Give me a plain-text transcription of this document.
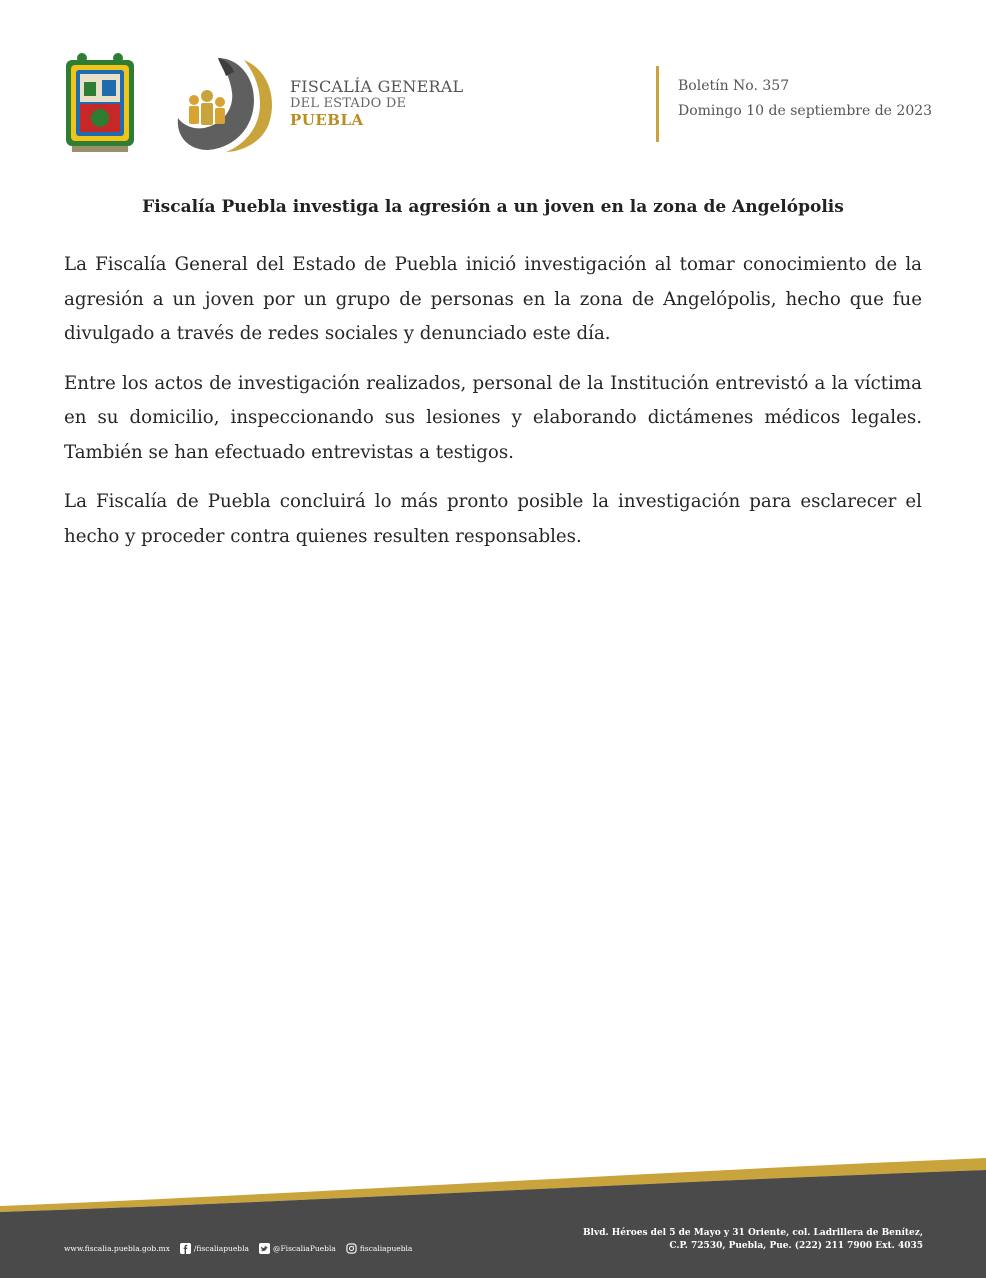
FISCALÍA GENERAL
DEL ESTADO DE
PUEBLA
Boletín No. 357
Domingo 10 de septiembre de 2023
Fiscalía Puebla investiga la agresión a un joven en la zona de Angelópolis

La Fiscalía General del Estado de Puebla inició investigación al tomar conocimiento de la agresión a un joven por un grupo de personas en la zona de Angelópolis, hecho que fue divulgado a través de redes sociales y denunciado este día.

Entre los actos de investigación realizados, personal de la Institución entrevistó a la víctima en su domicilio, inspeccionando sus lesiones y elaborando dictámenes médicos legales. También se han efectuado entrevistas a testigos.

La Fiscalía de Puebla concluirá lo más pronto posible la investigación para esclarecer el hecho y proceder contra quienes resulten responsables.

www.fiscalia.puebla.gob.mx	/fiscaliapuebla	@FiscaliaPuebla	fiscaliapuebla
Blvd. Héroes del 5 de Mayo y 31 Oriente, col. Ladrillera de Benítez,
C.P. 72530, Puebla, Pue. (222) 211 7900 Ext. 4035
